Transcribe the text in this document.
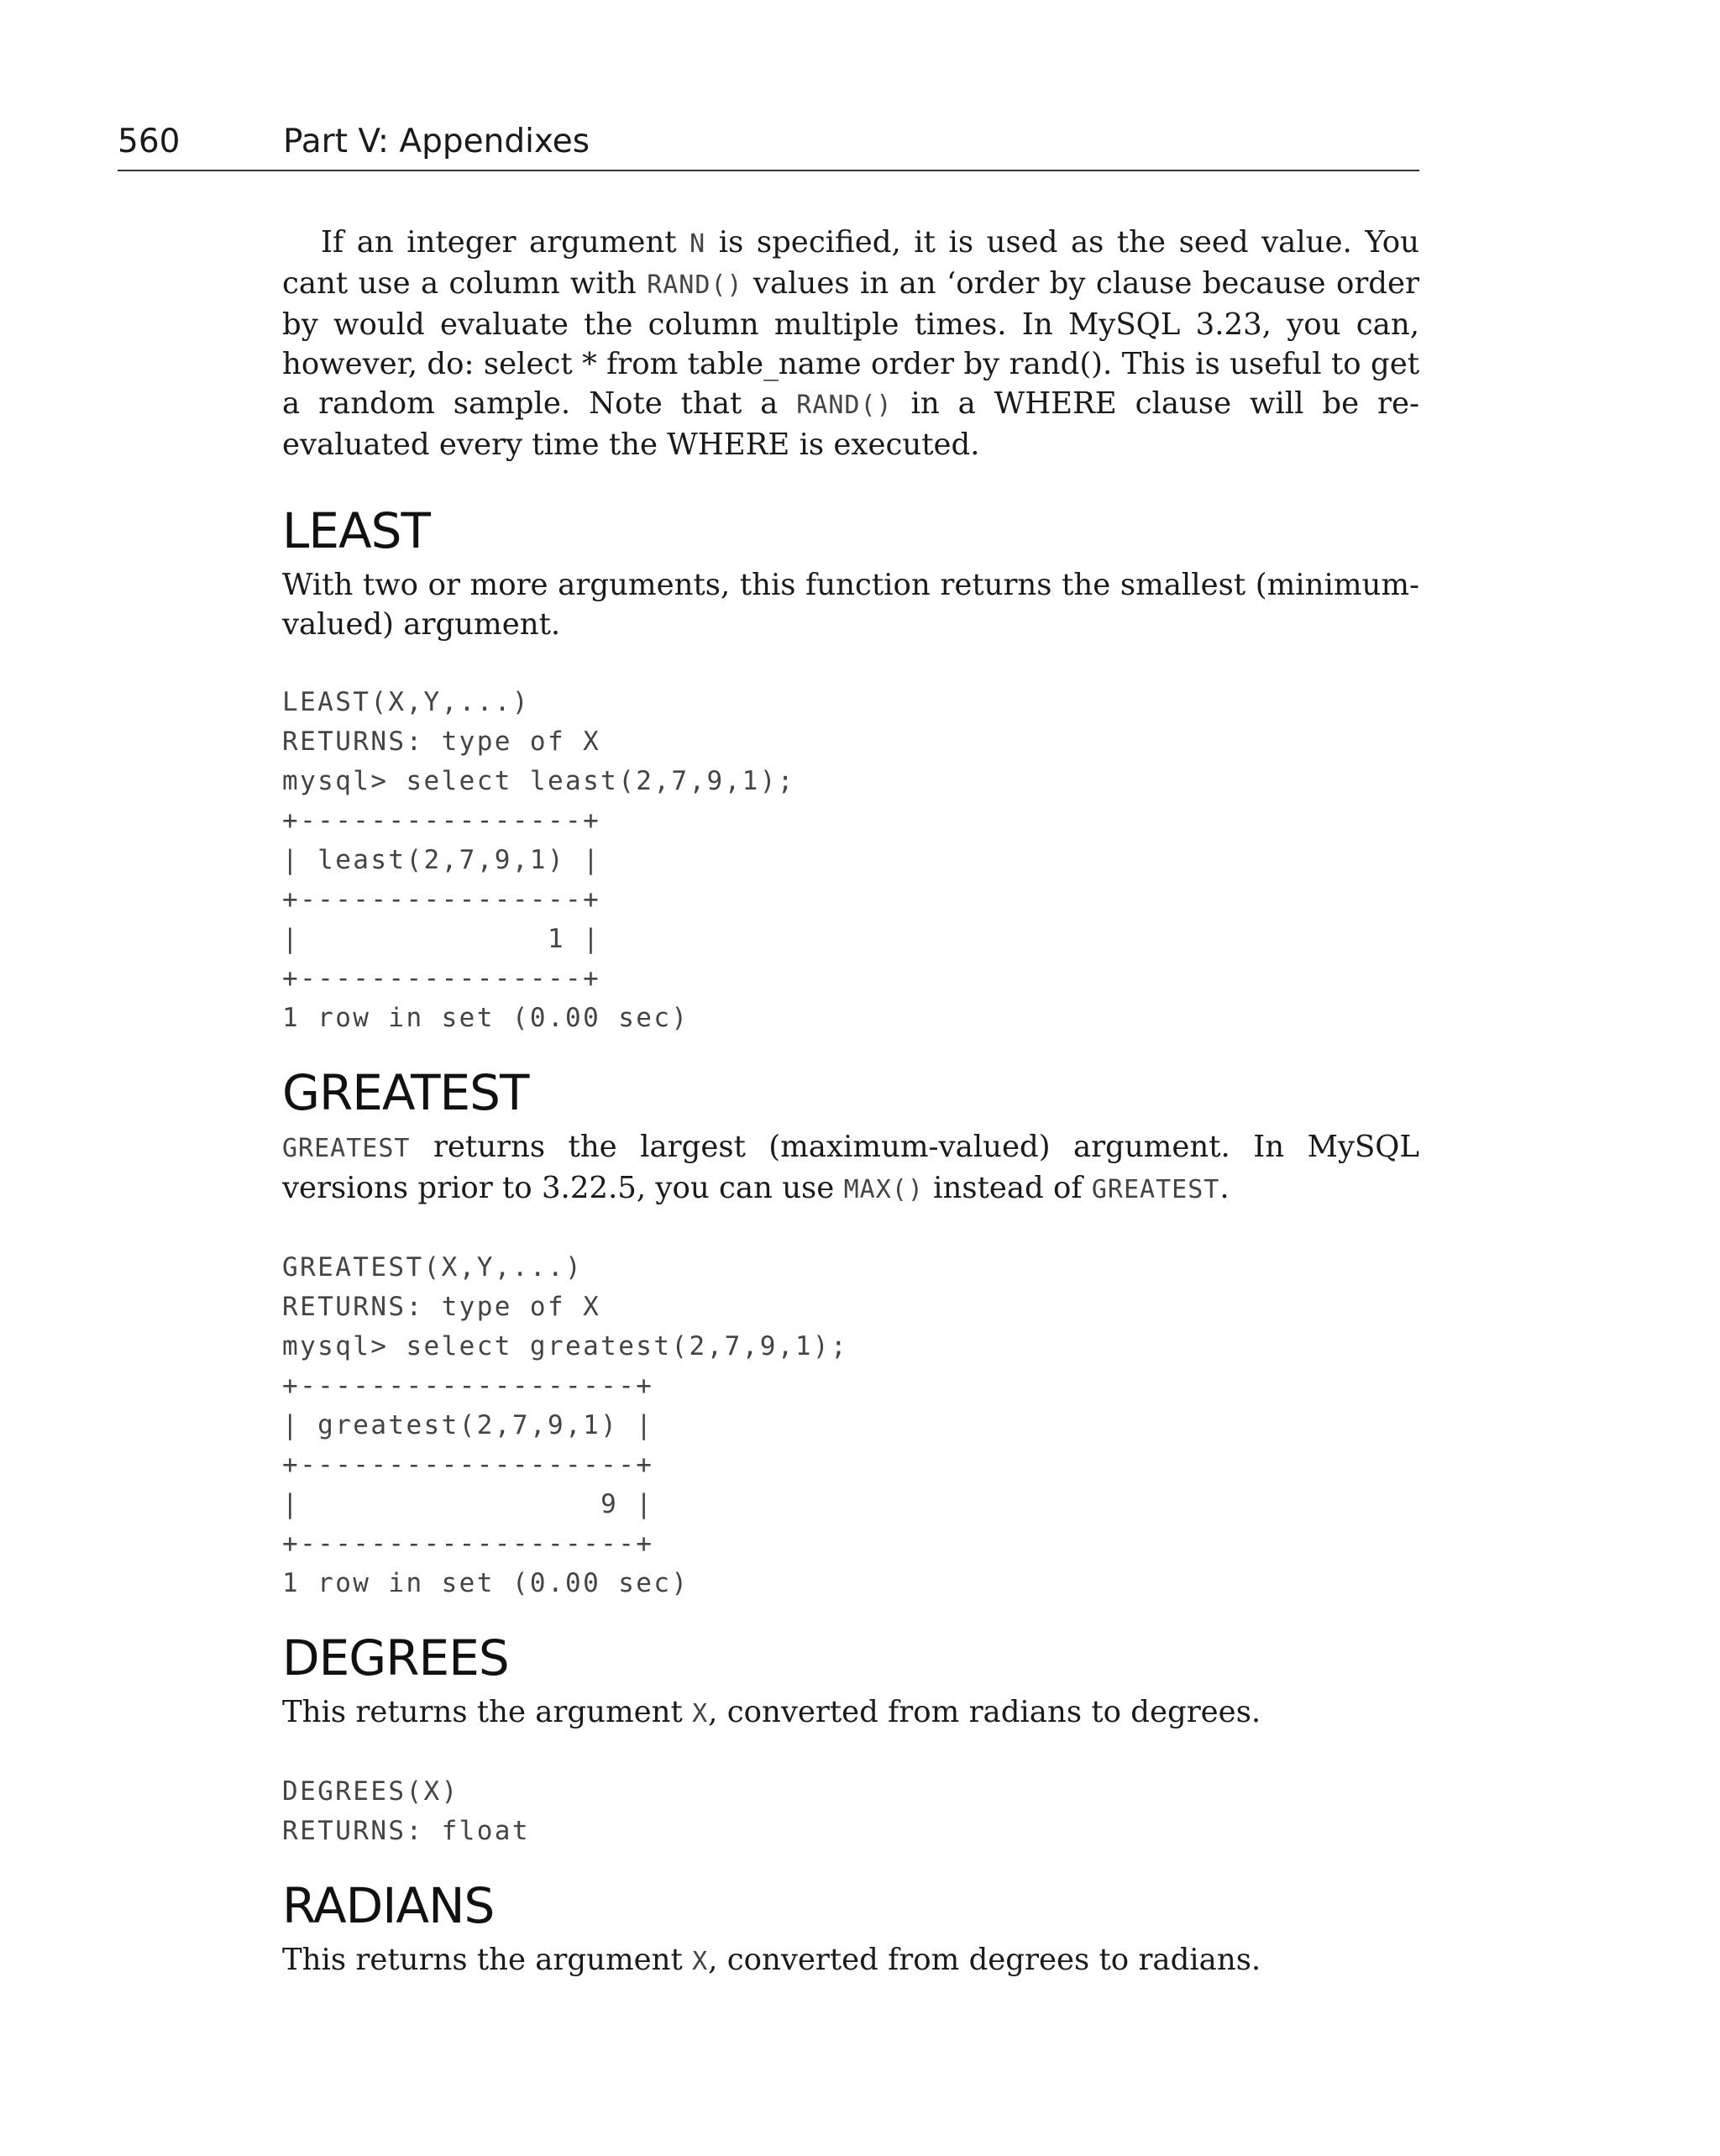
560	Part V: Appendixes

If an integer argument N is specified, it is used as the seed value. You cant use a column with RAND() values in an ‘order by clause because order by would evaluate the column multiple times. In MySQL 3.23, you can, however, do: select * from table_name order by rand(). This is useful to get a random sample. Note that a RAND() in a WHERE clause will be re-evaluated every time the WHERE is executed.

LEAST

With two or more arguments, this function returns the smallest (minimum-valued) argument.

LEAST(X,Y,...)
RETURNS: type of X
mysql> select least(2,7,9,1);
+----------------+
| least(2,7,9,1) |
+----------------+
|              1 |
+----------------+
1 row in set (0.00 sec)
GREATEST

GREATEST returns the largest (maximum-valued) argument. In MySQL versions prior to 3.22.5, you can use MAX() instead of GREATEST.

GREATEST(X,Y,...)
RETURNS: type of X
mysql> select greatest(2,7,9,1);
+-------------------+
| greatest(2,7,9,1) |
+-------------------+
|                 9 |
+-------------------+
1 row in set (0.00 sec)
DEGREES

This returns the argument X, converted from radians to degrees.

DEGREES(X)
RETURNS: float
RADIANS

This returns the argument X, converted from degrees to radians.
